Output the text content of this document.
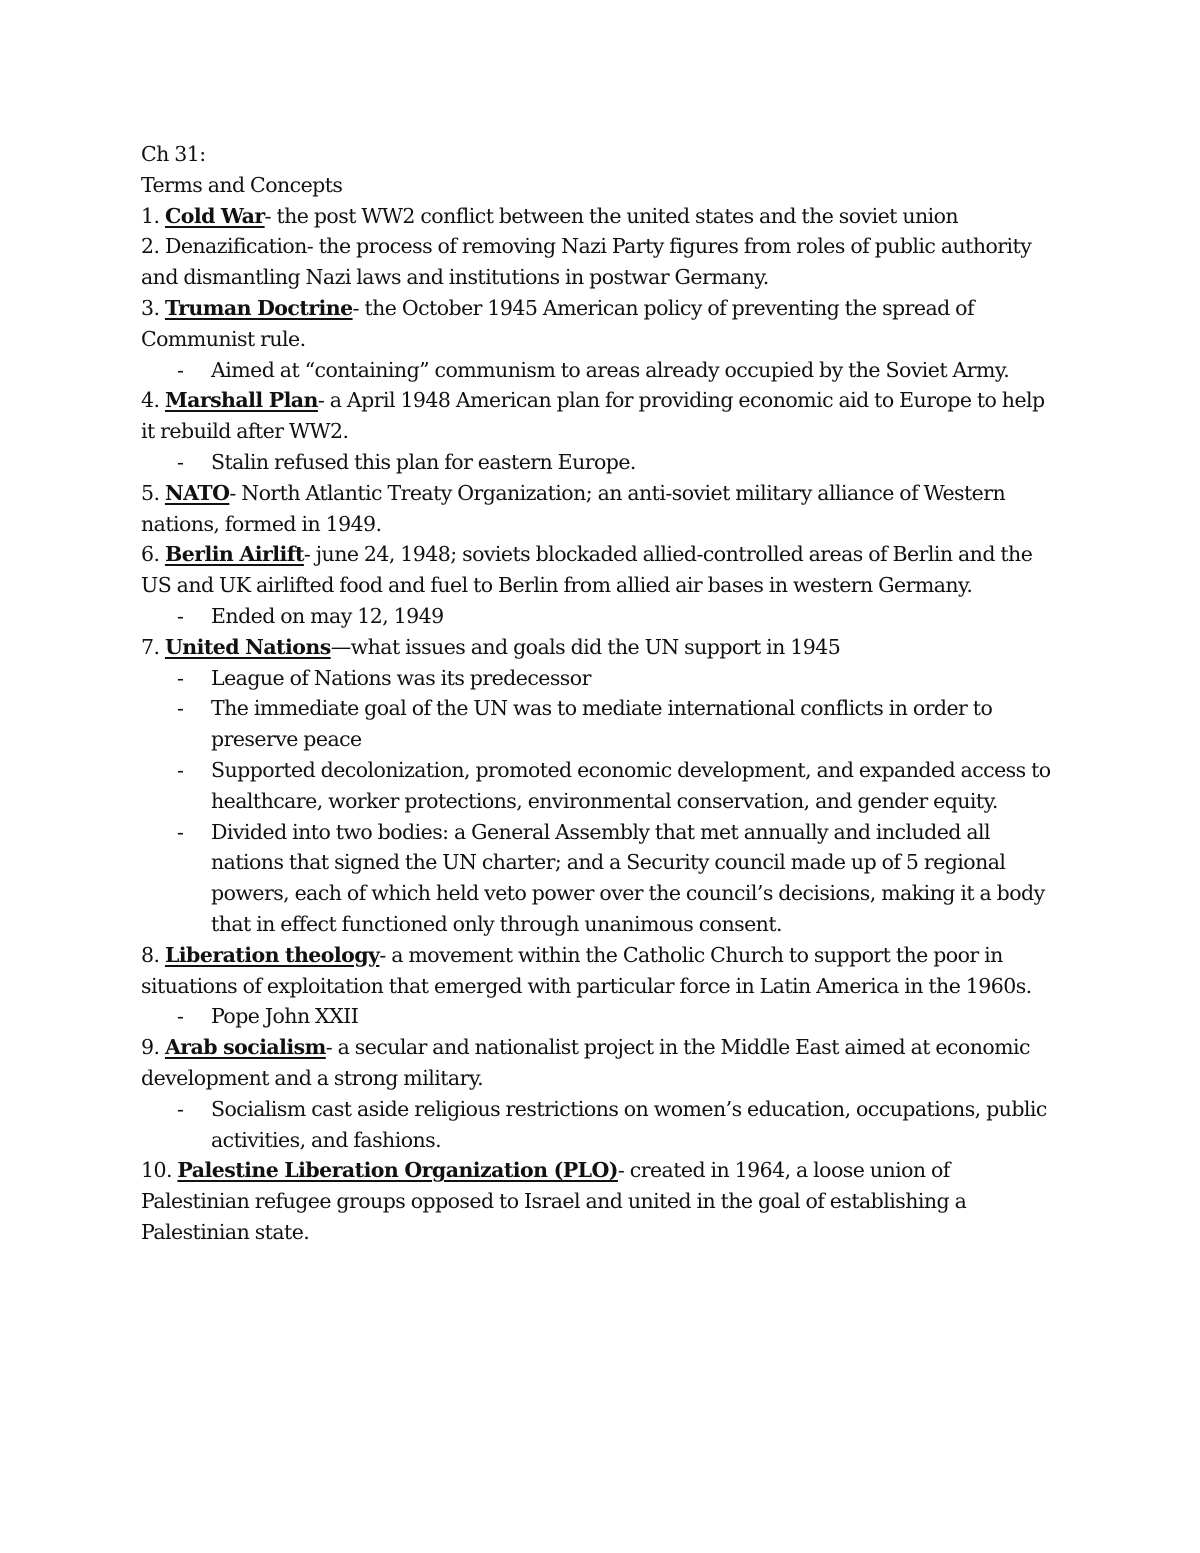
Ch 31:

Terms and Concepts

1. Cold War- the post WW2 conflict between the united states and the soviet union

2. Denazification- the process of removing Nazi Party figures from roles of public authority and dismantling Nazi laws and institutions in postwar Germany.

3. Truman Doctrine- the October 1945 American policy of preventing the spread of Communist rule.

- Aimed at “containing” communism to areas already occupied by the Soviet Army.

4. Marshall Plan- a April 1948 American plan for providing economic aid to Europe to help it rebuild after WW2.

- Stalin refused this plan for eastern Europe.

5. NATO- North Atlantic Treaty Organization; an anti-soviet military alliance of Western nations, formed in 1949.

6. Berlin Airlift- june 24, 1948; soviets blockaded allied-controlled areas of Berlin and the US and UK airlifted food and fuel to Berlin from allied air bases in western Germany.

- Ended on may 12, 1949

7. United Nations—what issues and goals did the UN support in 1945

- League of Nations was its predecessor

- The immediate goal of the UN was to mediate international conflicts in order to preserve peace

- Supported decolonization, promoted economic development, and expanded access to healthcare, worker protections, environmental conservation, and gender equity.

- Divided into two bodies: a General Assembly that met annually and included all nations that signed the UN charter; and a Security council made up of 5 regional powers, each of which held veto power over the council’s decisions, making it a body that in effect functioned only through unanimous consent.

8. Liberation theology- a movement within the Catholic Church to support the poor in situations of exploitation that emerged with particular force in Latin America in the 1960s.

- Pope John XXII

9. Arab socialism- a secular and nationalist project in the Middle East aimed at economic development and a strong military.

- Socialism cast aside religious restrictions on women’s education, occupations, public activities, and fashions.

10. Palestine Liberation Organization (PLO)- created in 1964, a loose union of Palestinian refugee groups opposed to Israel and united in the goal of establishing a Palestinian state.
